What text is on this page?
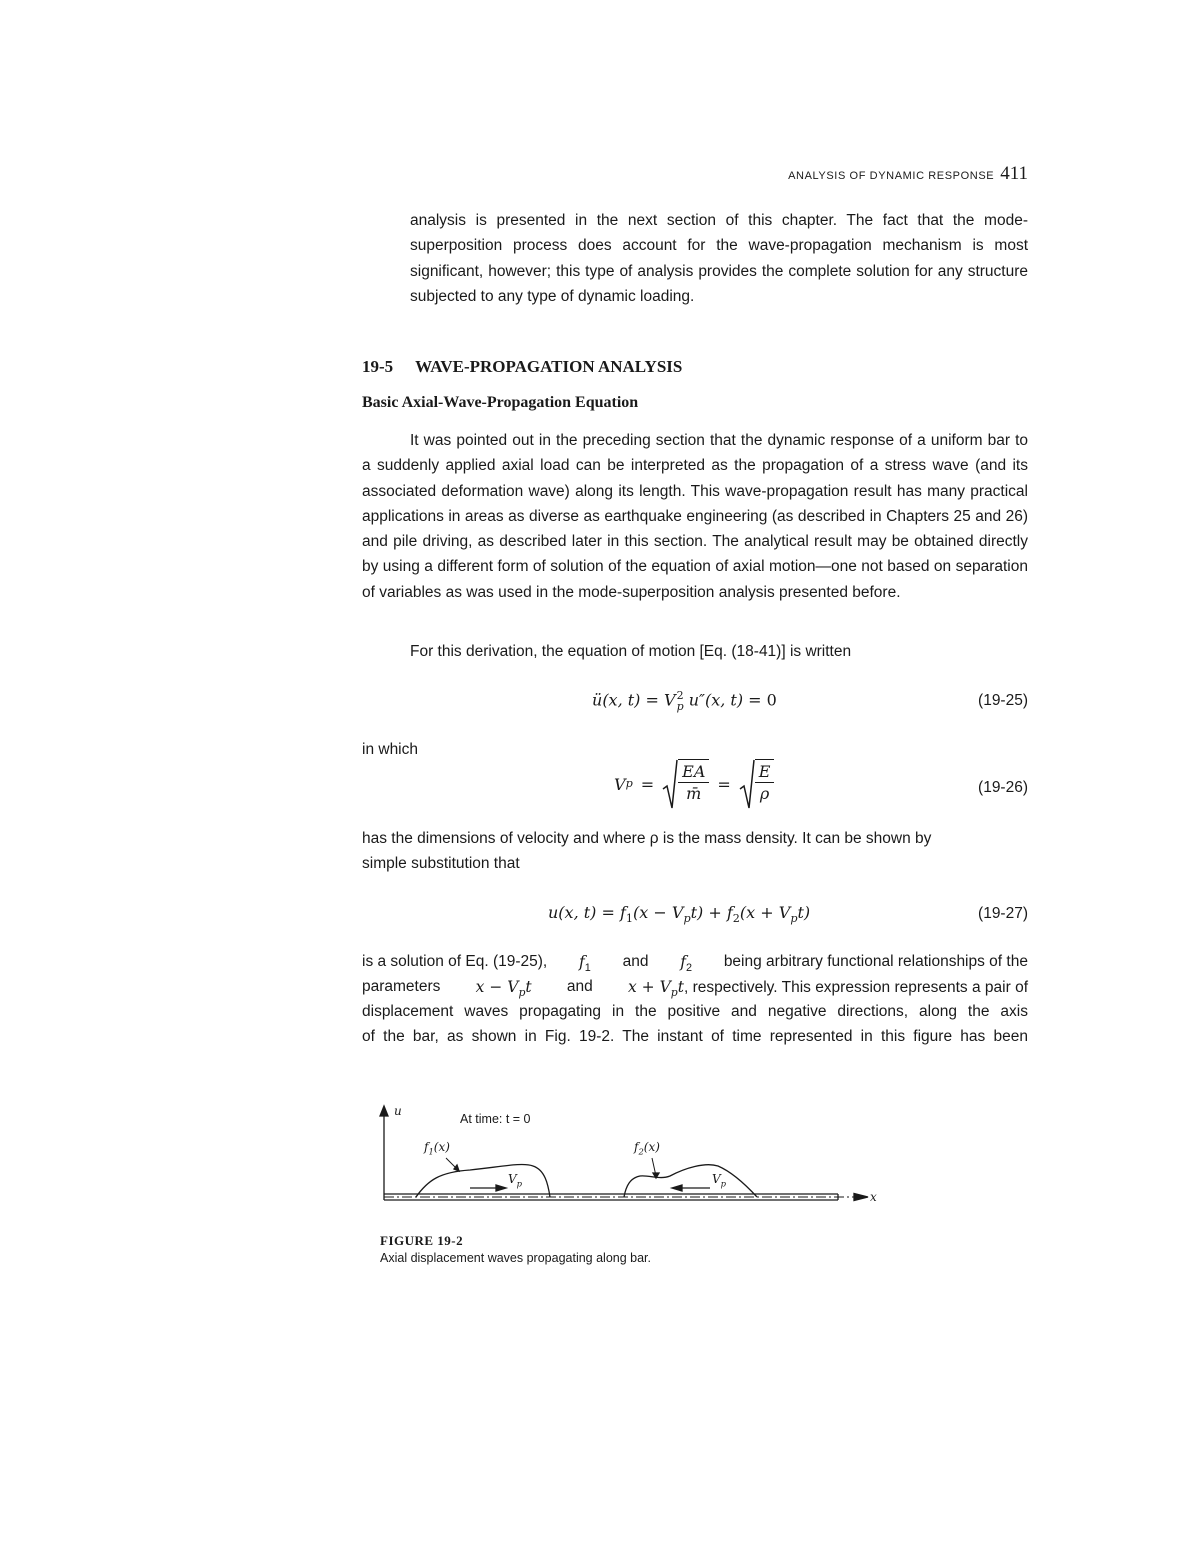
ANALYSIS OF DYNAMIC RESPONSE 411

analysis is presented in the next section of this chapter. The fact that the mode-superposition process does account for the wave-propagation mechanism is most significant, however; this type of analysis provides the complete solution for any structure subjected to any type of dynamic loading.

19-5 WAVE-PROPAGATION ANALYSIS
Basic Axial-Wave-Propagation Equation

It was pointed out in the preceding section that the dynamic response of a uniform bar to a suddenly applied axial load can be interpreted as the propagation of a stress wave (and its associated deformation wave) along its length. This wave-propagation result has many practical applications in areas as diverse as earthquake engineering (as described in Chapters 25 and 26) and pile driving, as described later in this section. The analytical result may be obtained directly by using a different form of solution of the equation of axial motion—one not based on separation of variables as was used in the mode-superposition analysis presented before.

For this derivation, the equation of motion [Eq. (18-41)] is written
ü(x, t) = V 2
p u″(x, t) = 0	(19-25)
in which
V $p = \frac{EA}{m̄} = \frac{E}{\rho}$	(19-26)
has the dimensions of velocity and where ρ is the mass density. It can be shown by
simple substitution that
u(x, $t) = f_1(x - V_pt) + f_2(x + V_pt)$	(19-27)
is a solution of Eq. (19-25), $f_1$ and $f_2$ being arbitrary functional relationships of the
parameters $x - V_pt$ and $x + V_pt$, respectively. This expression represents a pair of
displacement waves propagating in the positive and negative directions, along the axis
of the bar, as shown in Fig. 19-2. The instant of time represented in this figure has been
u
x
At time: t = 0
$f_1(x)$	$f_2(x)$
$V_p$	$V_p$
FIGURE 19-2
Axial displacement waves propagating along bar.
